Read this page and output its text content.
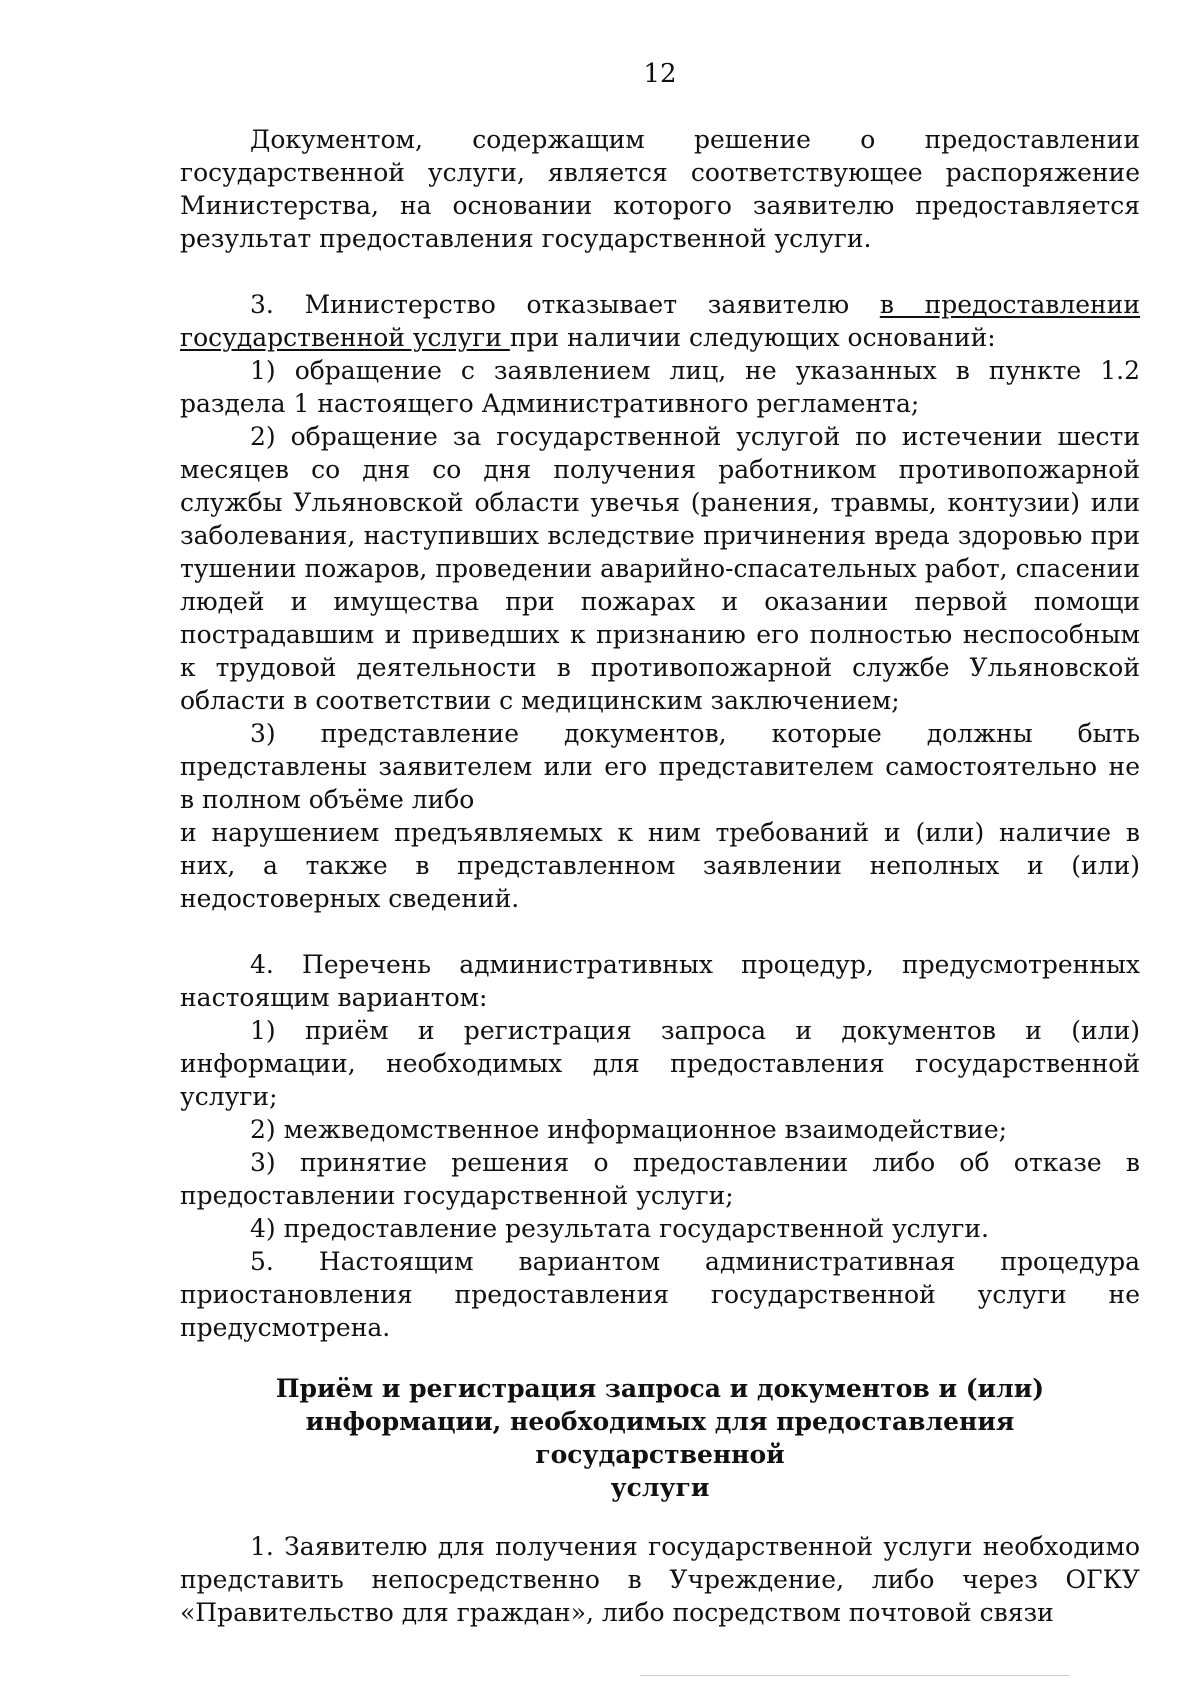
12

Документом, содержащим решение о предоставлении государственной услуги, является соответствующее распоряжение Министерства, на основании которого заявителю предоставляется результат предоставления государственной услуги.

3. Министерство отказывает заявителю в предоставлении государственной услуги при наличии следующих оснований:

1) обращение с заявлением лиц, не указанных в пункте 1.2 раздела 1 настоящего Административного регламента;

2) обращение за государственной услугой по истечении шести месяцев со дня со дня получения работником противопожарной службы Ульяновской области увечья (ранения, травмы, контузии) или заболевания, наступивших вследствие причинения вреда здоровью при тушении пожаров, проведении аварийно-спасательных работ, спасении людей и имущества при пожарах и оказании первой помощи пострадавшим и приведших к признанию его полностью неспособным к трудовой деятельности в противопожарной службе Ульяновской области в соответствии с медицинским заключением;

3) представление документов, которые должны быть представлены заявителем или его представителем самостоятельно не в полном объёме либо

и нарушением предъявляемых к ним требований и (или) наличие в них, а также в представленном заявлении неполных и (или) недостоверных сведений.

4. Перечень административных процедур, предусмотренных настоящим вариантом:

1) приём и регистрация запроса и документов и (или) информации, необходимых для предоставления государственной услуги;

2) межведомственное информационное взаимодействие;

3) принятие решения о предоставлении либо об отказе в предоставлении государственной услуги;

4) предоставление результата государственной услуги.

5. Настоящим вариантом административная процедура приостановления предоставления государственной услуги не предусмотрена.

Приём и регистрация запроса и документов и (или)
информации, необходимых для предоставления государственной
услуги

1. Заявителю для получения государственной услуги необходимо представить непосредственно в Учреждение, либо через ОГКУ «Правительство для граждан», либо посредством почтовой связи
